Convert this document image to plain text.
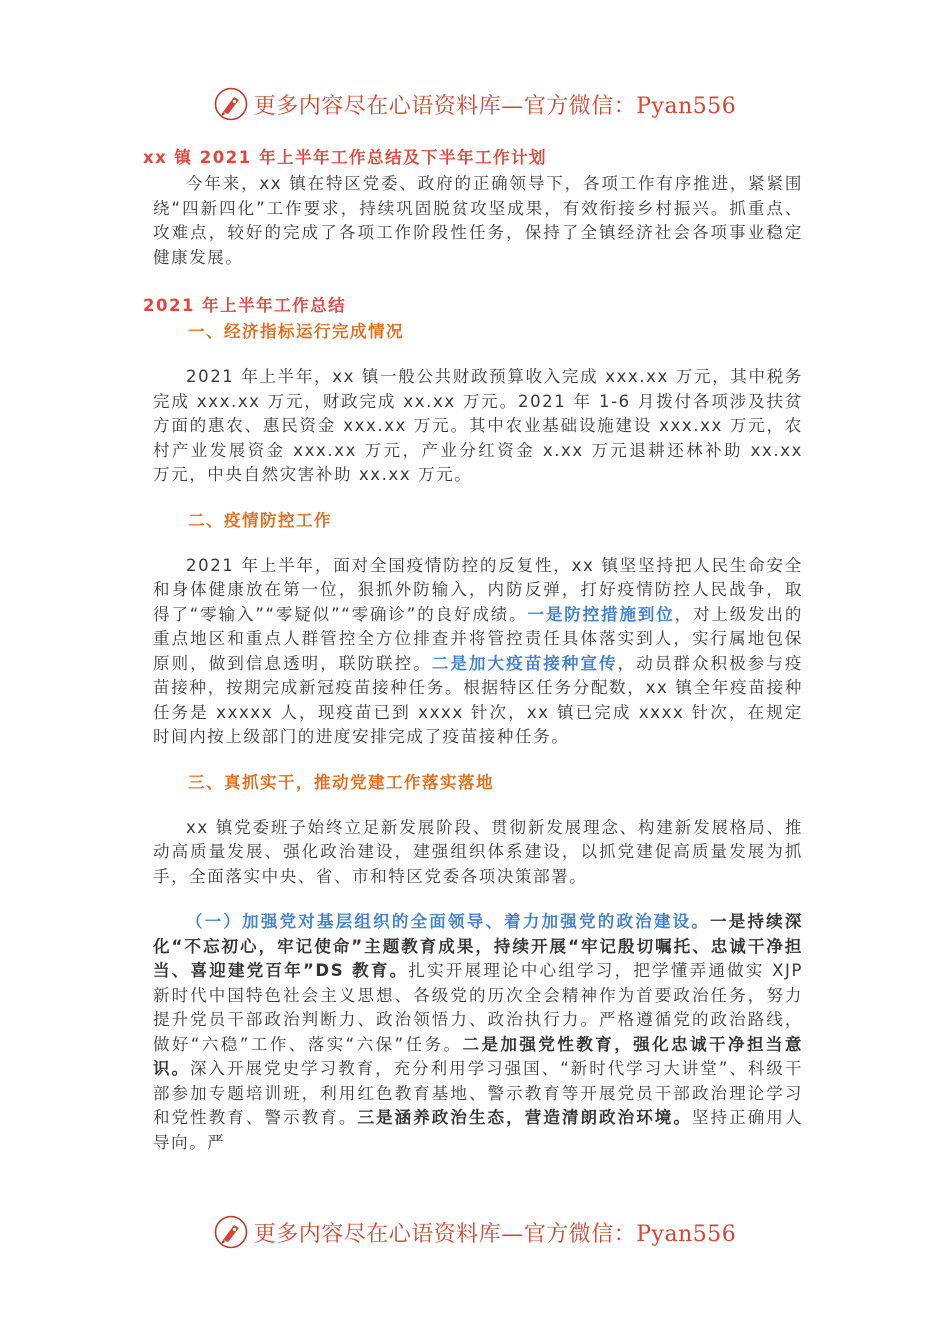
更多内容尽在心语资料库—官方微信：Pyan556
xx 镇 2021 年上半年工作总结及下半年工作计划

今年来，xx 镇在特区党委、政府的正确领导下，各项工作有序推进，紧紧围绕“四新四化”工作要求，持续巩固脱贫攻坚成果，有效衔接乡村振兴。抓重点、攻难点，较好的完成了各项工作阶段性任务，保持了全镇经济社会各项事业稳定健康发展。

2021 年上半年工作总结
一、经济指标运行完成情况

2021 年上半年，xx 镇一般公共财政预算收入完成 xxx.xx 万元，其中税务完成 xxx.xx 万元，财政完成 xx.xx 万元。2021 年 1-6 月拨付各项涉及扶贫方面的惠农、惠民资金 xxx.xx 万元。其中农业基础设施建设 xxx.xx 万元，农村产业发展资金 xxx.xx 万元，产业分红资金 x.xx 万元退耕还林补助 xx.xx 万元，中央自然灾害补助 xx.xx 万元。

二、疫情防控工作

2021 年上半年，面对全国疫情防控的反复性，xx 镇坚坚持把人民生命安全和身体健康放在第一位，狠抓外防输入，内防反弹，打好疫情防控人民战争，取得了“零输入”“零疑似”“零确诊”的良好成绩。一是防控措施到位，对上级发出的重点地区和重点人群管控全方位排查并将管控责任具体落实到人，实行属地包保原则，做到信息透明，联防联控。二是加大疫苗接种宣传，动员群众积极参与疫苗接种，按期完成新冠疫苗接种任务。根据特区任务分配数，xx 镇全年疫苗接种任务是 xxxxx 人，现疫苗已到 xxxx 针次，xx 镇已完成 xxxx 针次，在规定时间内按上级部门的进度安排完成了疫苗接种任务。

三、真抓实干，推动党建工作落实落地

xx 镇党委班子始终立足新发展阶段、贯彻新发展理念、构建新发展格局、推动高质量发展、强化政治建设，建强组织体系建设，以抓党建促高质量发展为抓手，全面落实中央、省、市和特区党委各项决策部署。

（一）加强党对基层组织的全面领导、着力加强党的政治建设。一是持续深化“不忘初心，牢记使命”主题教育成果，持续开展“牢记殷切嘱托、忠诚干净担当、喜迎建党百年”DS 教育。扎实开展理论中心组学习，把学懂弄通做实 XJP 新时代中国特色社会主义思想、各级党的历次全会精神作为首要政治任务，努力提升党员干部政治判断力、政治领悟力、政治执行力。严格遵循党的政治路线，做好“六稳”工作、落实“六保”任务。二是加强党性教育，强化忠诚干净担当意识。深入开展党史学习教育，充分利用学习强国、“新时代学习大讲堂”、科级干部参加专题培训班，利用红色教育基地、警示教育等开展党员干部政治理论学习和党性教育、警示教育。三是涵养政治生态，营造清朗政治环境。坚持正确用人导向。严

更多内容尽在心语资料库—官方微信：Pyan556
